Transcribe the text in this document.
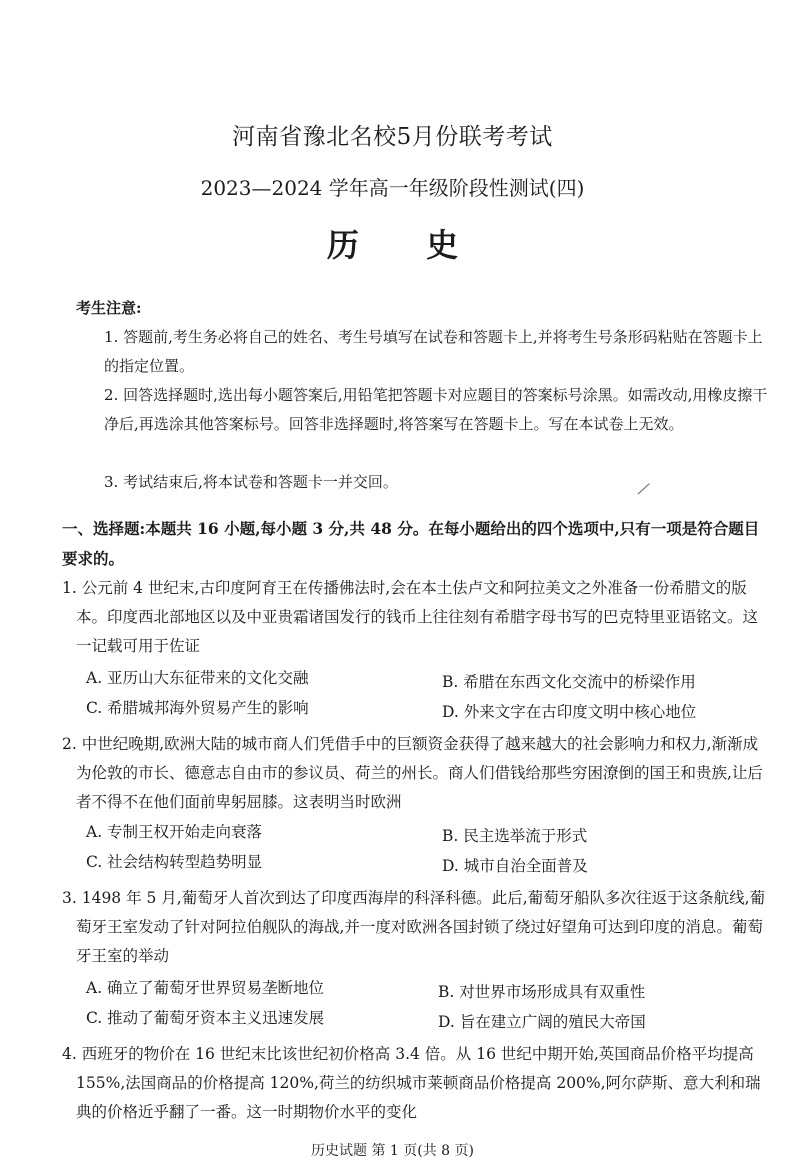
河南省豫北名校5月份联考考试
2023—2024 学年高一年级阶段性测试(四)
历 史
考生注意:
1. 答题前,考生务必将自己的姓名、考生号填写在试卷和答题卡上,并将考生号条形码粘贴在答题卡上的指定位置。
2. 回答选择题时,选出每小题答案后,用铅笔把答题卡对应题目的答案标号涂黑。如需改动,用橡皮擦干净后,再选涂其他答案标号。回答非选择题时,将答案写在答题卡上。写在本试卷上无效。
3. 考试结束后,将本试卷和答题卡一并交回。	╱
一、选择题:本题共 16 小题,每小题 3 分,共 48 分。在每小题给出的四个选项中,只有一项是符合题目要求的。
1. 公元前 4 世纪末,古印度阿育王在传播佛法时,会在本土佉卢文和阿拉美文之外准备一份希腊文的版本。印度西北部地区以及中亚贵霜诸国发行的钱币上往往刻有希腊字母书写的巴克特里亚语铭文。这一记载可用于佐证
A. 亚历山大东征带来的文化交融	B. 希腊在东西文化交流中的桥梁作用
C. 希腊城邦海外贸易产生的影响	D. 外来文字在古印度文明中核心地位
2. 中世纪晚期,欧洲大陆的城市商人们凭借手中的巨额资金获得了越来越大的社会影响力和权力,渐渐成为伦敦的市长、德意志自由市的参议员、荷兰的州长。商人们借钱给那些穷困潦倒的国王和贵族,让后者不得不在他们面前卑躬屈膝。这表明当时欧洲
A. 专制王权开始走向衰落	B. 民主选举流于形式
C. 社会结构转型趋势明显	D. 城市自治全面普及
3. 1498 年 5 月,葡萄牙人首次到达了印度西海岸的科泽科德。此后,葡萄牙船队多次往返于这条航线,葡萄牙王室发动了针对阿拉伯舰队的海战,并一度对欧洲各国封锁了绕过好望角可达到印度的消息。葡萄牙王室的举动
A. 确立了葡萄牙世界贸易垄断地位	B. 对世界市场形成具有双重性
C. 推动了葡萄牙资本主义迅速发展	D. 旨在建立广阔的殖民大帝国
4. 西班牙的物价在 16 世纪末比该世纪初价格高 3.4 倍。从 16 世纪中期开始,英国商品价格平均提高 155%,法国商品的价格提高 120%,荷兰的纺织城市莱顿商品价格提高 200%,阿尔萨斯、意大利和瑞典的价格近乎翻了一番。这一时期物价水平的变化
历史试题 第 1 页(共 8 页)
